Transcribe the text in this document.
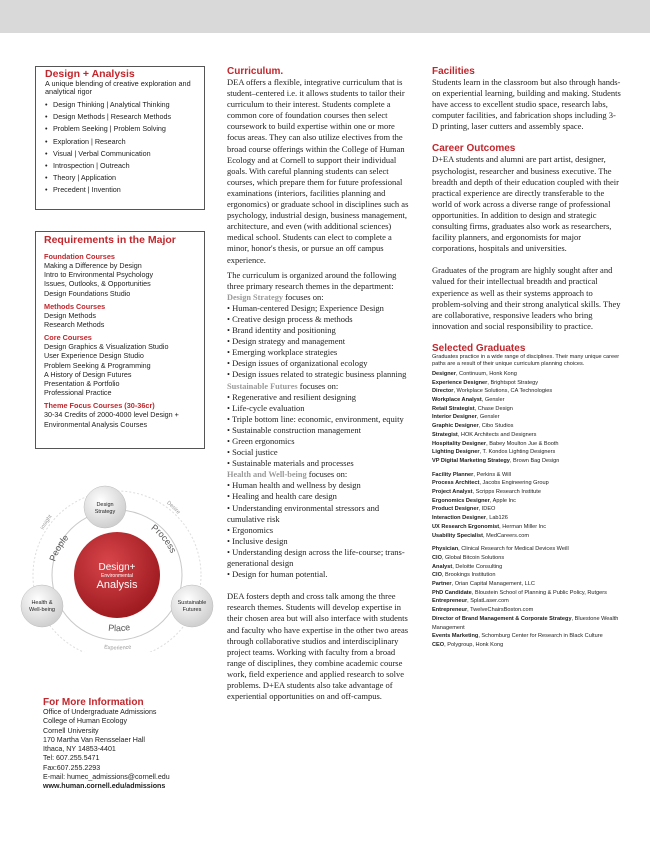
Design + Analysis
A unique blending of creative exploration and analytical rigor
• Design Thinking | Analytical Thinking
• Design Methods | Research Methods
• Problem Seeking | Problem Solving
• Exploration | Research
• Visual | Verbal Communication
• Introspection | Outreach
• Theory | Application
• Precedent | Invention
Requirements in the Major
Foundation Courses
Making a Difference by Design
Intro to Environmental Psychology
Issues, Outlooks, & Opportunities
Design Foundations Studio
Methods Courses
Design Methods
Research Methods
Core Courses
Design Graphics & Visualization Studio
User Experience Design Studio
Problem Seeking & Programming
A History of Design Futures
Presentation & Portfolio
Professional Practice
Theme Focus Courses (30-36cr)
30-34 Credits of 2000-4000 level Design +
Environmental Analysis Courses
Design+
Environmental
Analysis
Design
Strategy
Health &
Well-being
Sustainable
Futures
People
Process
Place
Insight
Desire
Experience
For More Information
Office of Undergraduate Admissions
College of Human Ecology
Cornell University
170 Martha Van Rensselaer Hall
Ithaca, NY 14853-4401
Tel: 607.255.5471
Fax:607.255.2293
E-mail: humec_admissions@cornell.edu
www.human.cornell.edu/admissions
Curriculum.

DEA offers a flexible, integrative curriculum that is student–centered i.e. it allows students to tailor their curriculum to their interest. Students complete a common core of foundation courses then select coursework to build expertise within one or more focus areas. They can also utilize electives from the broad course offerings within the College of Human Ecology and at Cornell to support their individual goals. With careful planning students can select courses, which prepare them for future professional examinations (interiors, facilities planning and ergonomics) or graduate school in disciplines such as psychology, industrial design, business management, architecture, and even (with additional sciences) medical school. Students can elect to complete a minor, honor's thesis, or pursue an off campus experience.

The curriculum is organized around the following three primary research themes in the department:

Design Strategy focuses on:
• Human-centered Design; Experience Design
• Creative design process & methods
• Brand identity and positioning
• Design strategy and management
• Emerging workplace strategies
• Design issues of organizational ecology
• Design issues related to strategic business planning
Sustainable Futures focuses on:
• Regenerative and resilient designing
• Life-cycle evaluation
• Triple bottom line: economic, environment, equity
• Sustainable construction management
• Green ergonomics
• Social justice
• Sustainable materials and processes
Health and Well-being focuses on:
• Human health and wellness by design
• Healing and health care design
• Understanding environmental stressors and cumulative risk
• Ergonomics
• Inclusive design
• Understanding design across the life-course; trans-generational design
• Design for human potential.

DEA fosters depth and cross talk among the three research themes. Students will develop expertise in their chosen area but will also interface with students and faculty who have expertise in the other two areas through collaborative studios and interdisciplinary project teams. Working with faculty from a broad range of disciplines, they combine academic course work, field experience and applied research to solve problems. D+EA students also take advantage of experiential opportunities on and off-campus.

Facilities

Students learn in the classroom but also through hands-on experiential learning, building and making. Students have access to excellent studio space, research labs, computer facilities, and fabrication shops including 3-D printing, laser cutters and assembly space.

Career Outcomes

D+EA students and alumni are part artist, designer, psychologist, researcher and business executive. The breadth and depth of their education coupled with their practical experience are directly transferable to the world of work across a diverse range of professional opportunities. In addition to design and strategic consulting firms, graduates also work as researchers, facility planners, and ergonomists for major corporations, hospitals and universities.

Graduates of the program are highly sought after and valued for their intellectual breadth and practical experience as well as their systems approach to problem-solving and their strong analytical skills. They are collaborative, responsive leaders who bring innovation and social responsibility to practice.

Selected Graduates
Graduates practice in a wide range of disciplines. Their many unique career paths are a result of their unique curriculum planning choices.
Designer, Continuum, Honk Kong
Experience Designer, Brightspot Strategy
Director, Workplace Solutions, CA Technologies
Workplace Analyst, Gensler
Retail Strategist, Chase Design
Interior Designer, Gensler
Graphic Designer, Cibo Studios
Strategist, HOK Architects and Designers
Hospitality Designer, Babey Moulton Jue & Booth
Lighting Designer, T. Kondos Lighting Designers
VP Digital Marketing Strategy, Brown Bag Design
Facility Planner, Perkins & Will
Process Architect, Jacobs Engineering Group
Project Analyst, Scripps Research Institute
Ergonomics Designer, Apple Inc
Product Designer, IDEO
Interaction Designer, Lab126
UX Research Ergonomist, Herman Miller Inc
Usability Specialist, MedCareers.com
Physician, Clinical Research for Medical Devices Weill
CIO, Global Bitcoin Solutions
Analyst, Deloitte Consulting
CIO, Brookings Institution
Partner, Orian Capital Management, LLC
PhD Candidate, Bloustein School of Planning & Public Policy, Rutgers
Entrepreneur, SplatLaser.com
Entrepreneur, TwelveChairsBoston.com
Director of Brand Management & Corporate Strategy, Bluestone Wealth Management
Events Marketing, Schomburg Center for Research in Black Culture
CEO, Polygroup, Honk Kong
